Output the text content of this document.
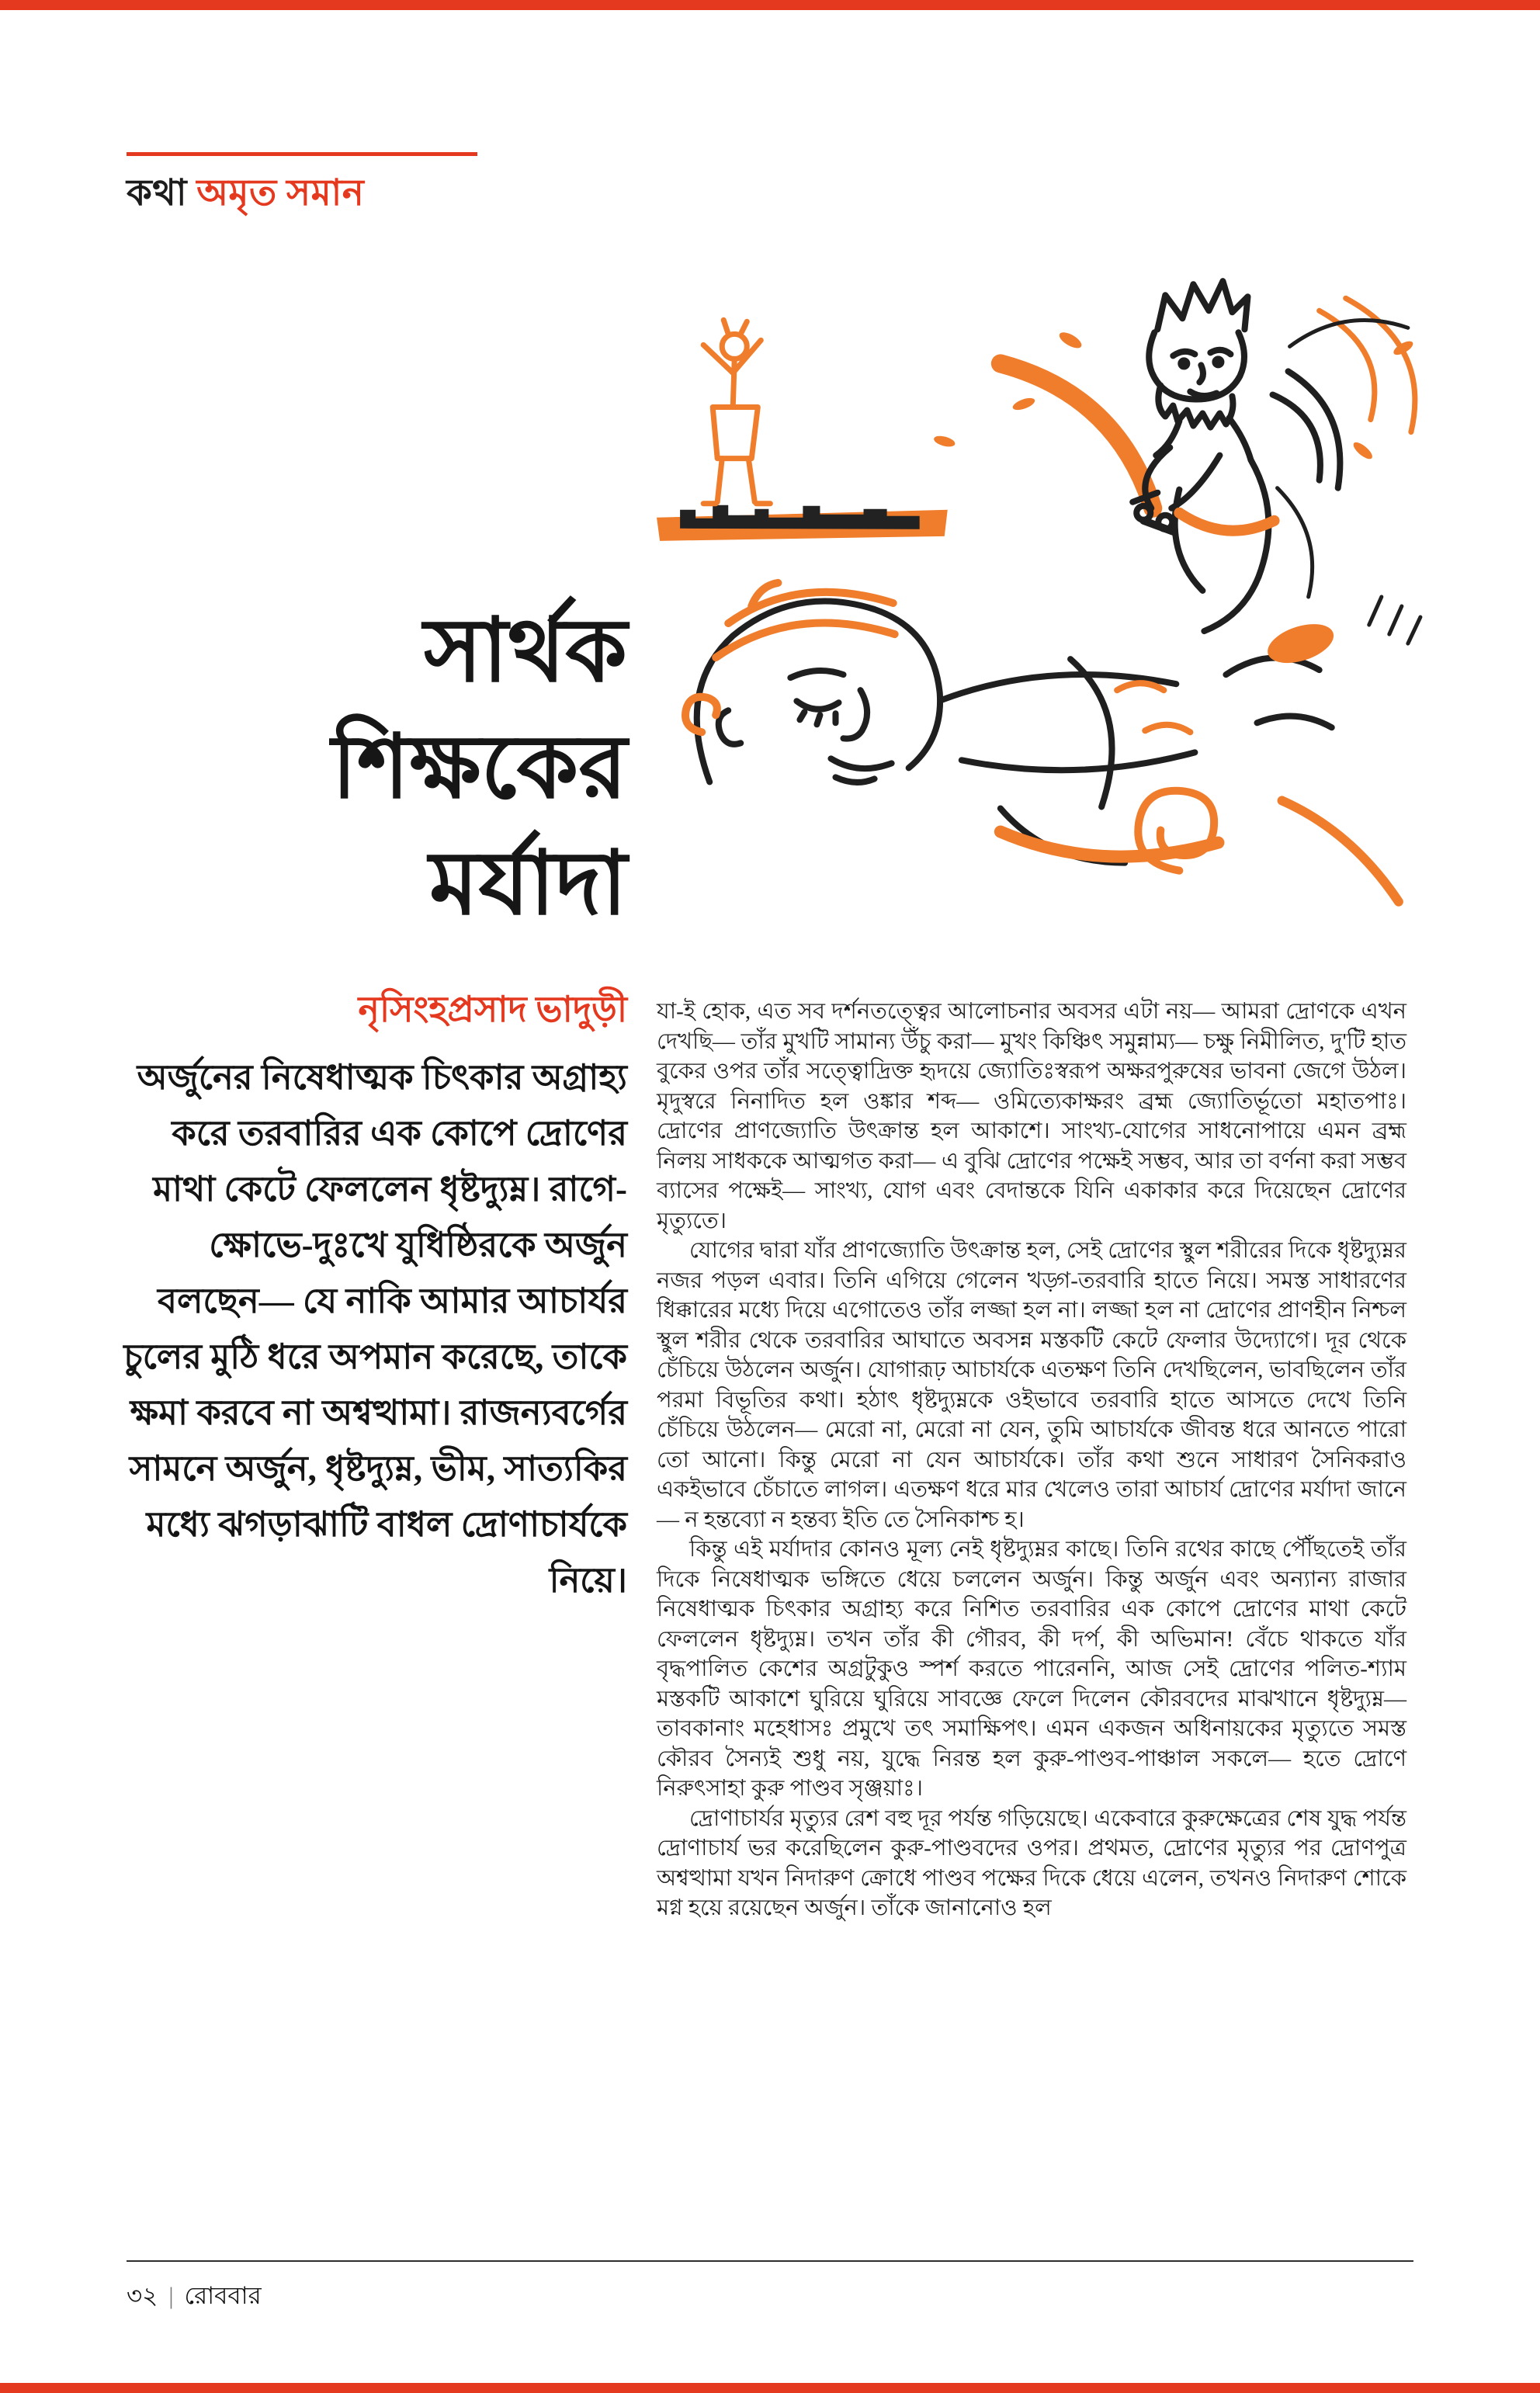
কথা অমৃত সমান
সার্থক
শিক্ষকের
মর্যাদা
নৃসিংহপ্রসাদ ভাদুড়ী
অর্জুনের নিষেধাত্মক চিৎকার অগ্রাহ্য করে তরবারির এক কোপে দ্রোণের মাথা কেটে ফেললেন ধৃষ্টদ্যুম্ন। রাগে-ক্ষোভে-দুঃখে যুধিষ্ঠিরকে অর্জুন বলছেন— যে নাকি আমার আচার্যর চুলের মুঠি ধরে অপমান করেছে, তাকে ক্ষমা করবে না অশ্বত্থামা। রাজন্যবর্গের সামনে অর্জুন, ধৃষ্টদ্যুম্ন, ভীম, সাত্যকির মধ্যে ঝগড়াঝাটি বাধল দ্রোণাচার্যকে নিয়ে।

যা-ই হোক, এত সব দর্শনতত্ত্বের আলোচনার অবসর এটা নয়— আমরা দ্রোণকে এখন দেখছি— তাঁর মুখটি সামান্য উঁচু করা— মুখং কিঞ্চিৎ সমুন্নাম্য— চক্ষু নিমীলিত, দু'টি হাত বুকের ওপর তাঁর সত্ত্বোদ্রিক্ত হৃদয়ে জ্যোতিঃস্বরূপ অক্ষরপুরুষের ভাবনা জেগে উঠল। মৃদুস্বরে নিনাদিত হল ওঙ্কার শব্দ— ওমিত্যেকাক্ষরং ব্রহ্ম জ্যোতির্ভূতো মহাতপাঃ। দ্রোণের প্রাণজ্যোতি উৎক্রান্ত হল আকাশে। সাংখ্য-যোগের সাধনোপায়ে এমন ব্রহ্ম নিলয় সাধককে আত্মগত করা— এ বুঝি দ্রোণের পক্ষেই সম্ভব, আর তা বর্ণনা করা সম্ভব ব্যাসের পক্ষেই— সাংখ্য, যোগ এবং বেদান্তকে যিনি একাকার করে দিয়েছেন দ্রোণের মৃত্যুতে।

যোগের দ্বারা যাঁর প্রাণজ্যোতি উৎক্রান্ত হল, সেই দ্রোণের স্থুল শরীরের দিকে ধৃষ্টদ্যুম্নর নজর পড়ল এবার। তিনি এগিয়ে গেলেন খড়্গ-তরবারি হাতে নিয়ে। সমস্ত সাধারণের ধিক্কারের মধ্যে দিয়ে এগোতেও তাঁর লজ্জা হল না। লজ্জা হল না দ্রোণের প্রাণহীন নিশ্চল স্থুল শরীর থেকে তরবারির আঘাতে অবসন্ন মস্তকটি কেটে ফেলার উদ্যোগে। দূর থেকে চেঁচিয়ে উঠলেন অর্জুন। যোগারূঢ় আচার্যকে এতক্ষণ তিনি দেখছিলেন, ভাবছিলেন তাঁর পরমা বিভূতির কথা। হঠাৎ ধৃষ্টদ্যুম্নকে ওইভাবে তরবারি হাতে আসতে দেখে তিনি চেঁচিয়ে উঠলেন— মেরো না, মেরো না যেন, তুমি আচার্যকে জীবন্ত ধরে আনতে পারো তো আনো। কিন্তু মেরো না যেন আচার্যকে। তাঁর কথা শুনে সাধারণ সৈনিকরাও একইভাবে চেঁচাতে লাগল। এতক্ষণ ধরে মার খেলেও তারা আচার্য দ্রোণের মর্যাদা জানে— ন হন্তব্যো ন হন্তব্য ইতি তে সৈনিকাশ্চ হ।

কিন্তু এই মর্যাদার কোনও মূল্য নেই ধৃষ্টদ্যুম্নর কাছে। তিনি রথের কাছে পৌঁছতেই তাঁর দিকে নিষেধাত্মক ভঙ্গিতে ধেয়ে চললেন অর্জুন। কিন্তু অর্জুন এবং অন্যান্য রাজার নিষেধাত্মক চিৎকার অগ্রাহ্য করে নিশিত তরবারির এক কোপে দ্রোণের মাথা কেটে ফেললেন ধৃষ্টদ্যুম্ন। তখন তাঁর কী গৌরব, কী দর্প, কী অভিমান! বেঁচে থাকতে যাঁর বৃদ্ধপালিত কেশের অগ্রটুকুও স্পর্শ করতে পারেননি, আজ সেই দ্রোণের পলিত-শ্যাম মস্তকটি আকাশে ঘুরিয়ে ঘুরিয়ে সাবজ্ঞে ফেলে দিলেন কৌরবদের মাঝখানে ধৃষ্টদ্যুম্ন— তাবকানাং মহেধাসঃ প্রমুখে তৎ সমাক্ষিপৎ। এমন একজন অধিনায়কের মৃত্যুতে সমস্ত কৌরব সৈন্যই শুধু নয়, যুদ্ধে নিরন্ত হল কুরু-পাণ্ডব-পাঞ্চাল সকলে— হতে দ্রোণে নিরুৎসাহা কুরু পাণ্ডব সৃঞ্জয়াঃ।

দ্রোণাচার্যর মৃত্যুর রেশ বহু দূর পর্যন্ত গড়িয়েছে। একেবারে কুরুক্ষেত্রের শেষ যুদ্ধ পর্যন্ত দ্রোণাচার্য ভর করেছিলেন কুরু-পাণ্ডবদের ওপর। প্রথমত, দ্রোণের মৃত্যুর পর দ্রোণপুত্র অশ্বত্থামা যখন নিদারুণ ক্রোধে পাণ্ডব পক্ষের দিকে ধেয়ে এলেন, তখনও নিদারুণ শোকে মগ্ন হয়ে রয়েছেন অর্জুন। তাঁকে জানানোও হল

৩২ | রোববার
